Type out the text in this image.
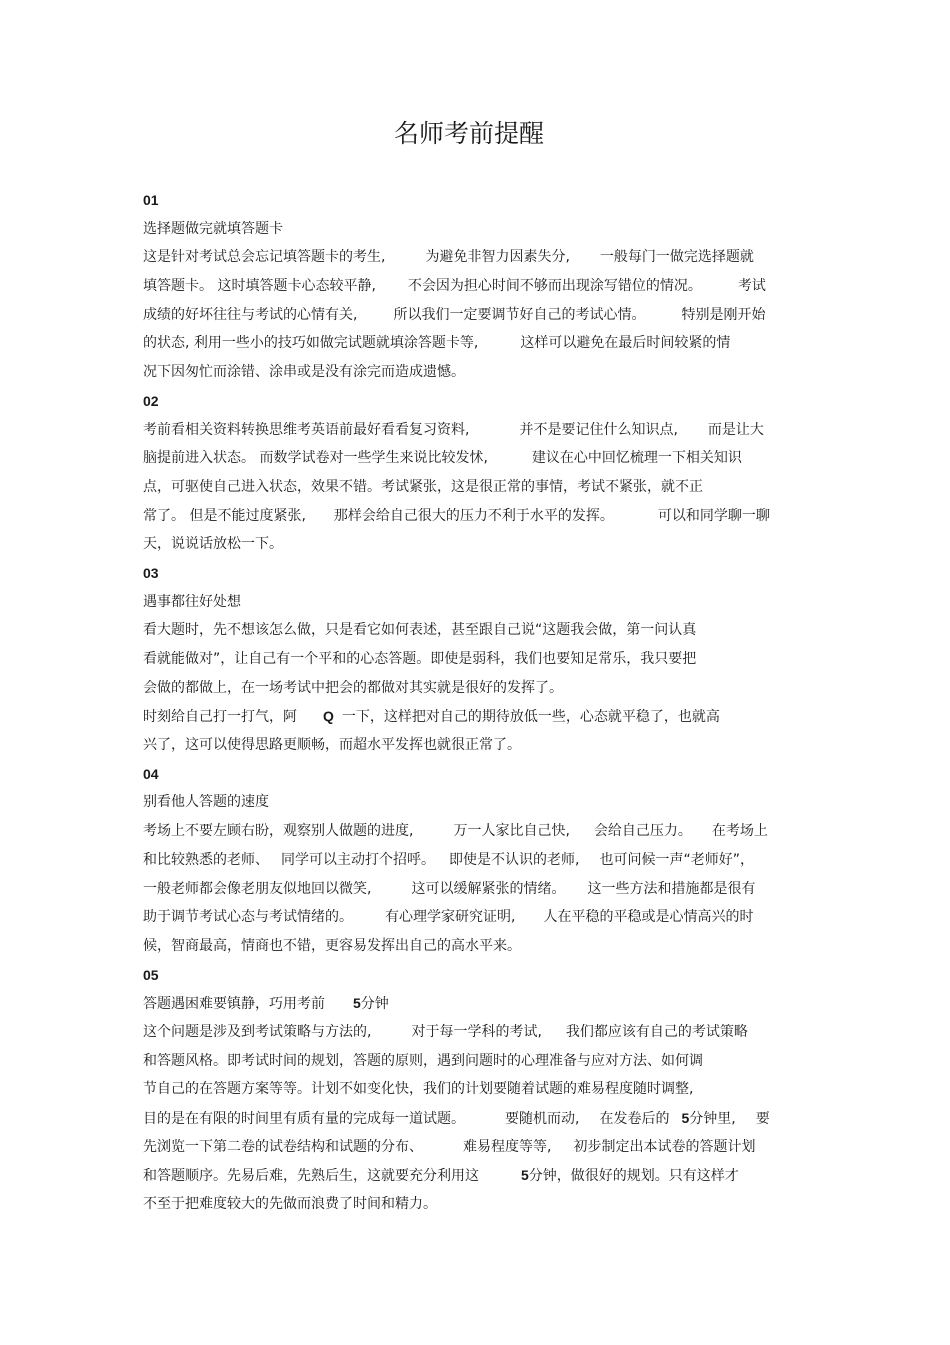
名师考前提醒
01
选择题做完就填答题卡
这是针对考试总会忘记填答题卡的考生,	为避免非智力因素失分, 一般每门一做完选择题就
填答题卡。 这时填答题卡心态较平静, 不会因为担心时间不够而出现涂写错位的情况。	考试
成绩的好坏往往与考试的心情有关,	所以我们一定要调节好自己的考试心情。	特别是刚开始
的状态, 利用一些小的技巧如做完试题就填涂答题卡等,	这样可以避免在最后时间较紧的情
况下因匆忙而涂错、涂串或是没有涂完而造成遗憾。
02
考前看相关资料转换思维考英语前最好看看复习资料,	并不是要记住什么知识点, 而是让大
脑提前进入状态。 而数学试卷对一些学生来说比较发怵,	建议在心中回忆梳理一下相关知识
点，可驱使自己进入状态，效果不错。考试紧张，这是很正常的事情，考试不紧张，就不正
常了。 但是不能过度紧张, 那样会给自己很大的压力不利于水平的发挥。	可以和同学聊一聊
天，说说话放松一下。
03
遇事都往好处想
看大题时，先不想该怎么做，只是看它如何表述，甚至跟自己说“这题我会做，第一问认真
看就能做对”，让自己有一个平和的心态答题。即使是弱科，我们也要知足常乐，我只要把
会做的都做上，在一场考试中把会的都做对其实就是很好的发挥了。
时刻给自己打一打气，阿 Q 一下，这样把对自己的期待放低一些，心态就平稳了，也就高
兴了，这可以使得思路更顺畅，而超水平发挥也就很正常了。
04
别看他人答题的速度
考场上不要左顾右盼，观察别人做题的进度,	万一人家比自己快, 会给自己压力。 在考场上
和比较熟悉的老师、 同学可以主动打个招呼。 即使是不认识的老师, 也可问候一声“老师好”，
一般老师都会像老朋友似地回以微笑,	这可以缓解紧张的情绪。 这一些方法和措施都是很有
助于调节考试心态与考试情绪的。 有心理学家研究证明, 人在平稳的平稳或是心情高兴的时
候，智商最高，情商也不错，更容易发挥出自己的高水平来。
05
答题遇困难要镇静，巧用考前 5分钟
这个问题是涉及到考试策略与方法的,	对于每一学科的考试, 我们都应该有自己的考试策略
和答题风格。即考试时间的规划，答题的原则，遇到问题时的心理准备与应对方法、如何调
节自己的在答题方案等等。计划不如变化快，我们的计划要随着试题的难易程度随时调整,
目的是在有限的时间里有质有量的完成每一道试题。	要随机而动, 在发卷后的 5分钟里, 要
先浏览一下第二卷的试卷结构和试题的分布、	难易程度等等, 初步制定出本试卷的答题计划
和答题顺序。先易后难，先熟后生，这就要充分利用这	5分钟，做很好的规划。只有这样才
不至于把难度较大的先做而浪费了时间和精力。
